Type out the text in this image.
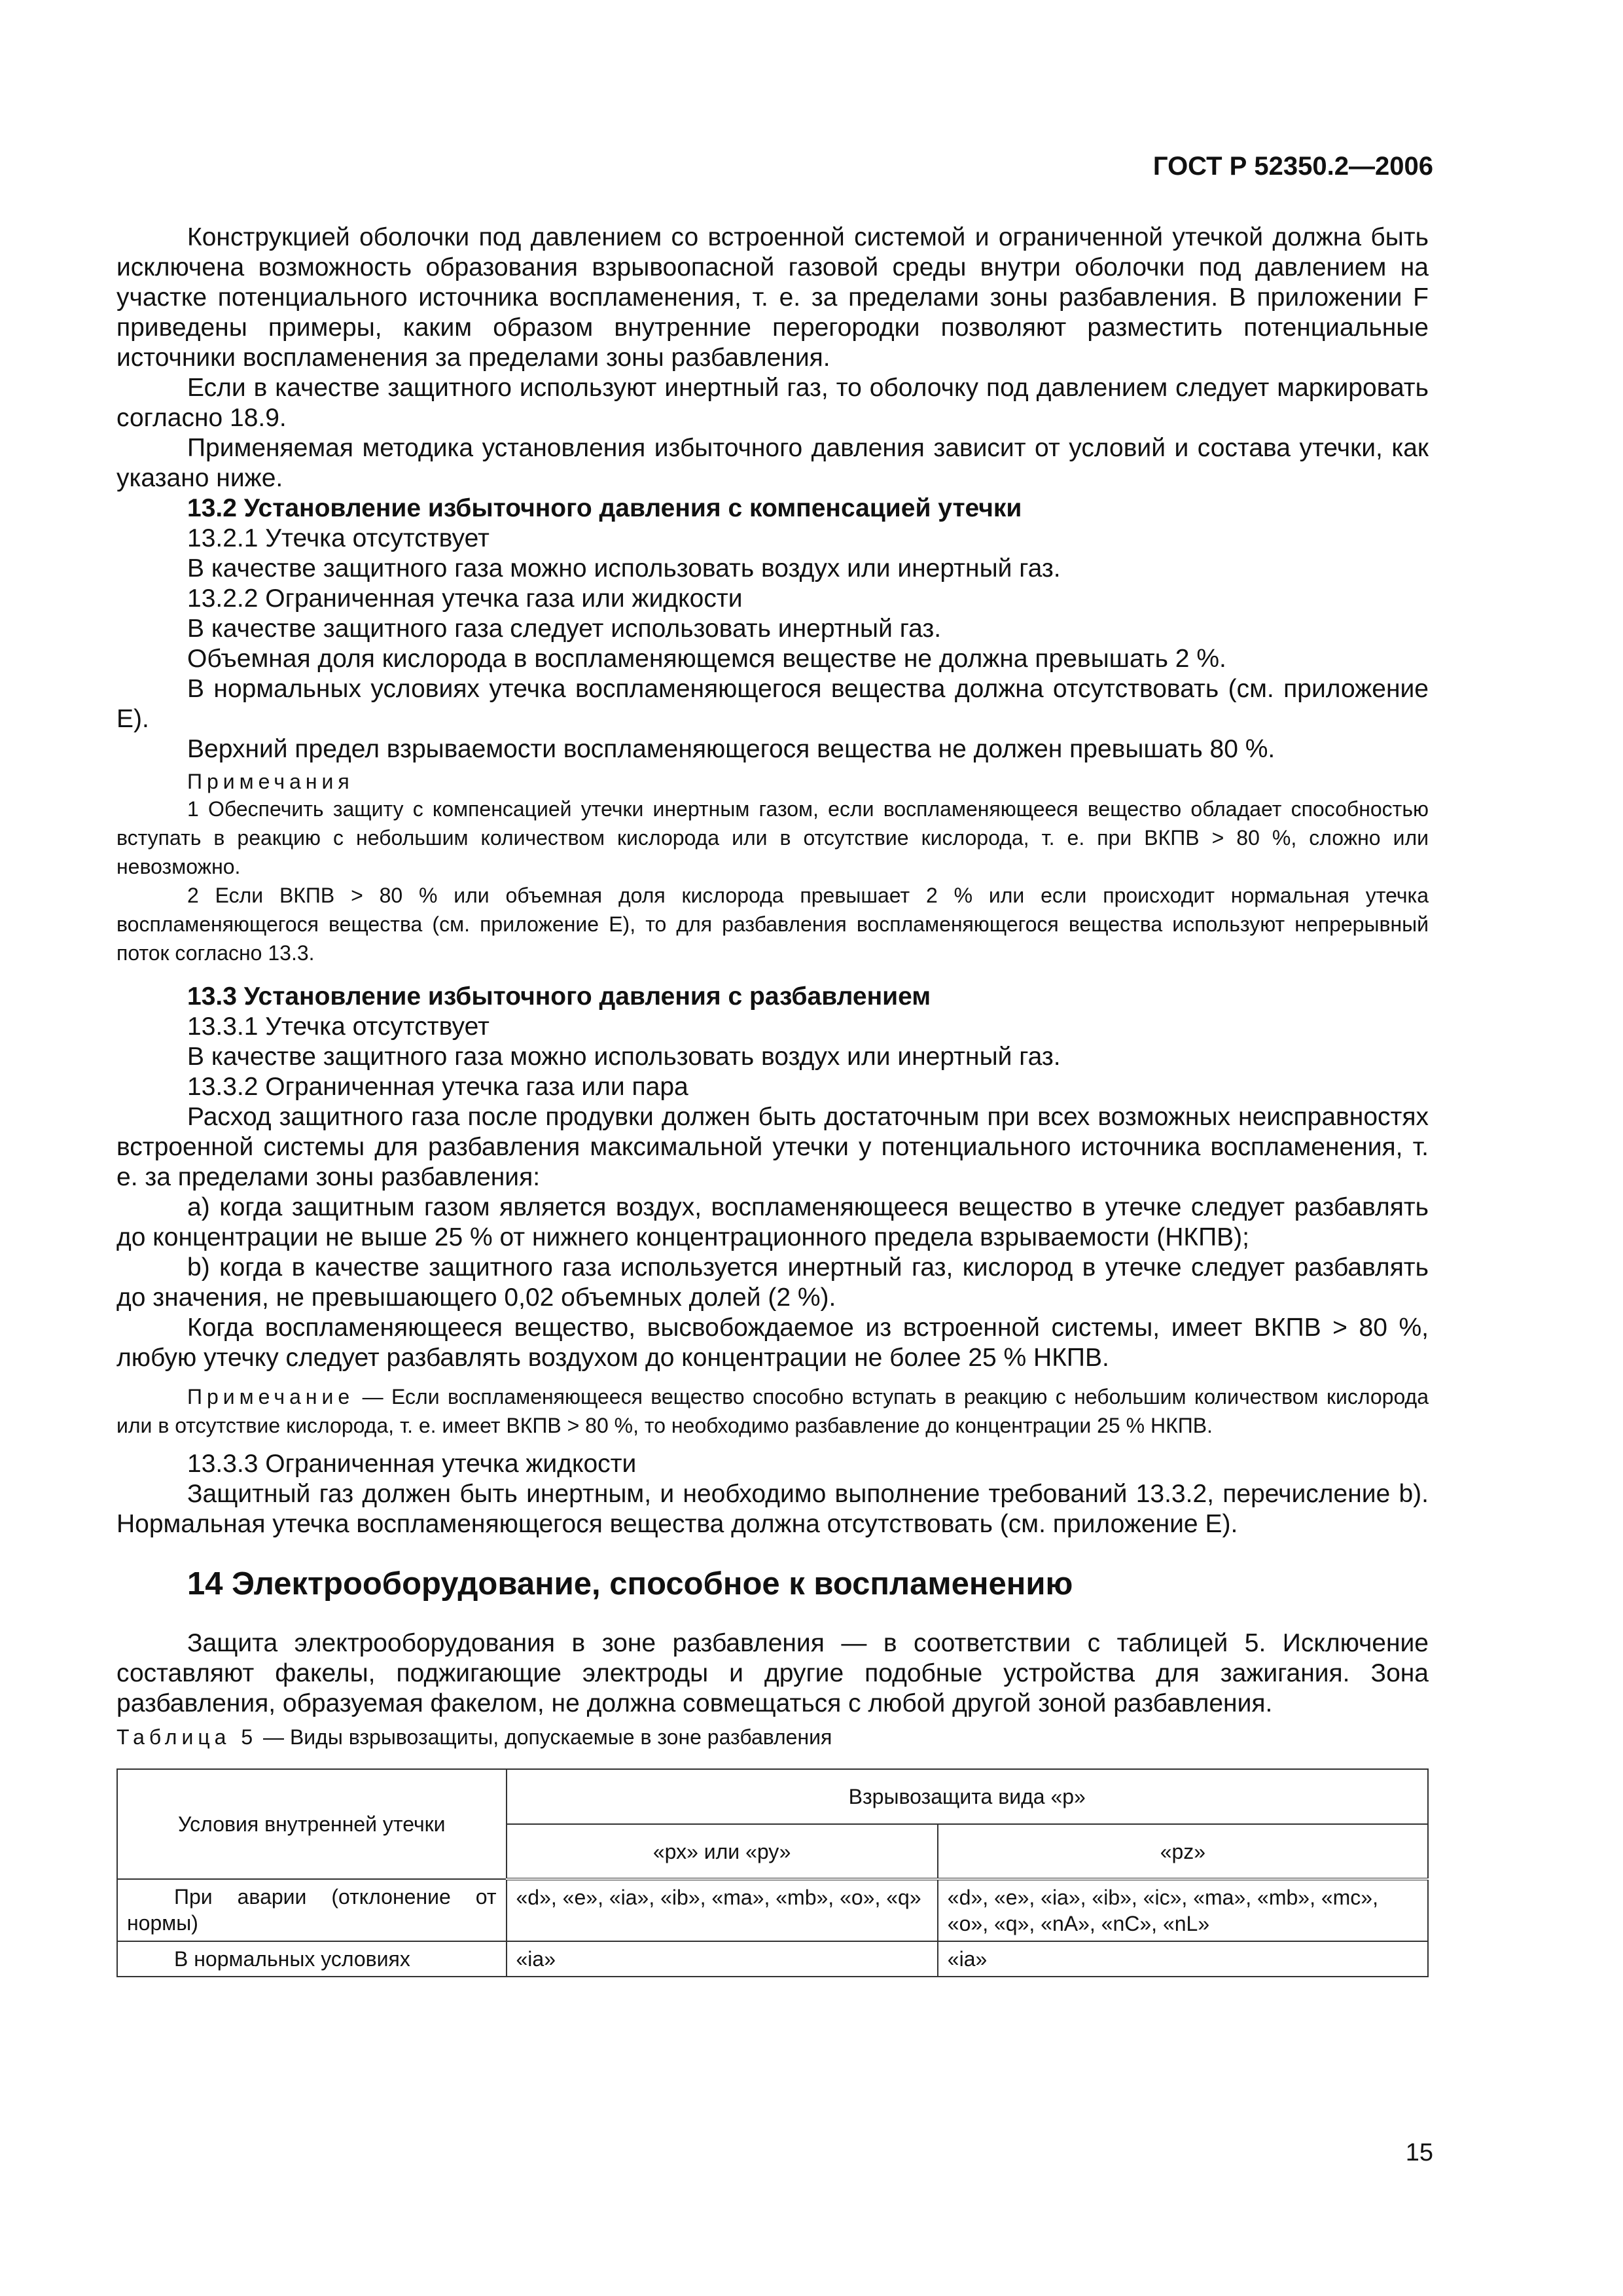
ГОСТ Р 52350.2—2006

Конструкцией оболочки под давлением со встроенной системой и ограниченной утечкой должна быть исключена возможность образования взрывоопасной газовой среды внутри оболочки под давлением на участке потенциального источника воспламенения, т. е. за пределами зоны разбавления. В приложении F приведены примеры, каким образом внутренние перегородки позволяют разместить потенциальные источники воспламенения за пределами зоны разбавления.

Если в качестве защитного используют инертный газ, то оболочку под давлением следует маркировать согласно 18.9.

Применяемая методика установления избыточного давления зависит от условий и состава утечки, как указано ниже.

13.2 Установление избыточного давления с компенсацией утечки

13.2.1 Утечка отсутствует

В качестве защитного газа можно использовать воздух или инертный газ.

13.2.2 Ограниченная утечка газа или жидкости

В качестве защитного газа следует использовать инертный газ.

Объемная доля кислорода в воспламеняющемся веществе не должна превышать 2 %.

В нормальных условиях утечка воспламеняющегося вещества должна отсутствовать (см. приложение Е).

Верхний предел взрываемости воспламеняющегося вещества не должен превышать 80 %.

Примечания

1 Обеспечить защиту с компенсацией утечки инертным газом, если воспламеняющееся вещество обладает способностью вступать в реакцию с небольшим количеством кислорода или в отсутствие кислорода, т. е. при ВКПВ > 80 %, сложно или невозможно.

2 Если ВКПВ > 80 % или объемная доля кислорода превышает 2 % или если происходит нормальная утечка воспламеняющегося вещества (см. приложение Е), то для разбавления воспламеняющегося вещества используют непрерывный поток согласно 13.3.

13.3 Установление избыточного давления с разбавлением

13.3.1 Утечка отсутствует

В качестве защитного газа можно использовать воздух или инертный газ.

13.3.2 Ограниченная утечка газа или пара

Расход защитного газа после продувки должен быть достаточным при всех возможных неисправностях встроенной системы для разбавления максимальной утечки у потенциального источника воспламенения, т. е. за пределами зоны разбавления:

a) когда защитным газом является воздух, воспламеняющееся вещество в утечке следует разбавлять до концентрации не выше 25 % от нижнего концентрационного предела взрываемости (НКПВ);

b) когда в качестве защитного газа используется инертный газ, кислород в утечке следует разбавлять до значения, не превышающего 0,02 объемных долей (2 %).

Когда воспламеняющееся вещество, высвобождаемое из встроенной системы, имеет ВКПВ > 80 %, любую утечку следует разбавлять воздухом до концентрации не более 25 % НКПВ.

Примечание — Если воспламеняющееся вещество способно вступать в реакцию с небольшим количеством кислорода или в отсутствие кислорода, т. е. имеет ВКПВ > 80 %, то необходимо разбавление до концентрации 25 % НКПВ.

13.3.3 Ограниченная утечка жидкости

Защитный газ должен быть инертным, и необходимо выполнение требований 13.3.2, перечисление b). Нормальная утечка воспламеняющегося вещества должна отсутствовать (см. приложение Е).

14 Электрооборудование, способное к воспламенению

Защита электрооборудования в зоне разбавления — в соответствии с таблицей 5. Исключение составляют факелы, поджигающие электроды и другие подобные устройства для зажигания. Зона разбавления, образуемая факелом, не должна совмещаться с любой другой зоной разбавления.

Таблица 5 — Виды взрывозащиты, допускаемые в зоне разбавления

Условия внутренней утечки	Взрывозащита вида «р»	
	«рх» или «ру»	«pz»
При аварии (отклонение от нормы)	«d», «е», «ia», «ib», «ma», «mb», «о», «q»	«d», «е», «ia», «ib», «ic», «ma», «mb», «mc», «о», «q», «nA», «nC», «nL»
В нормальных условиях	«ia»	«ia»
15
